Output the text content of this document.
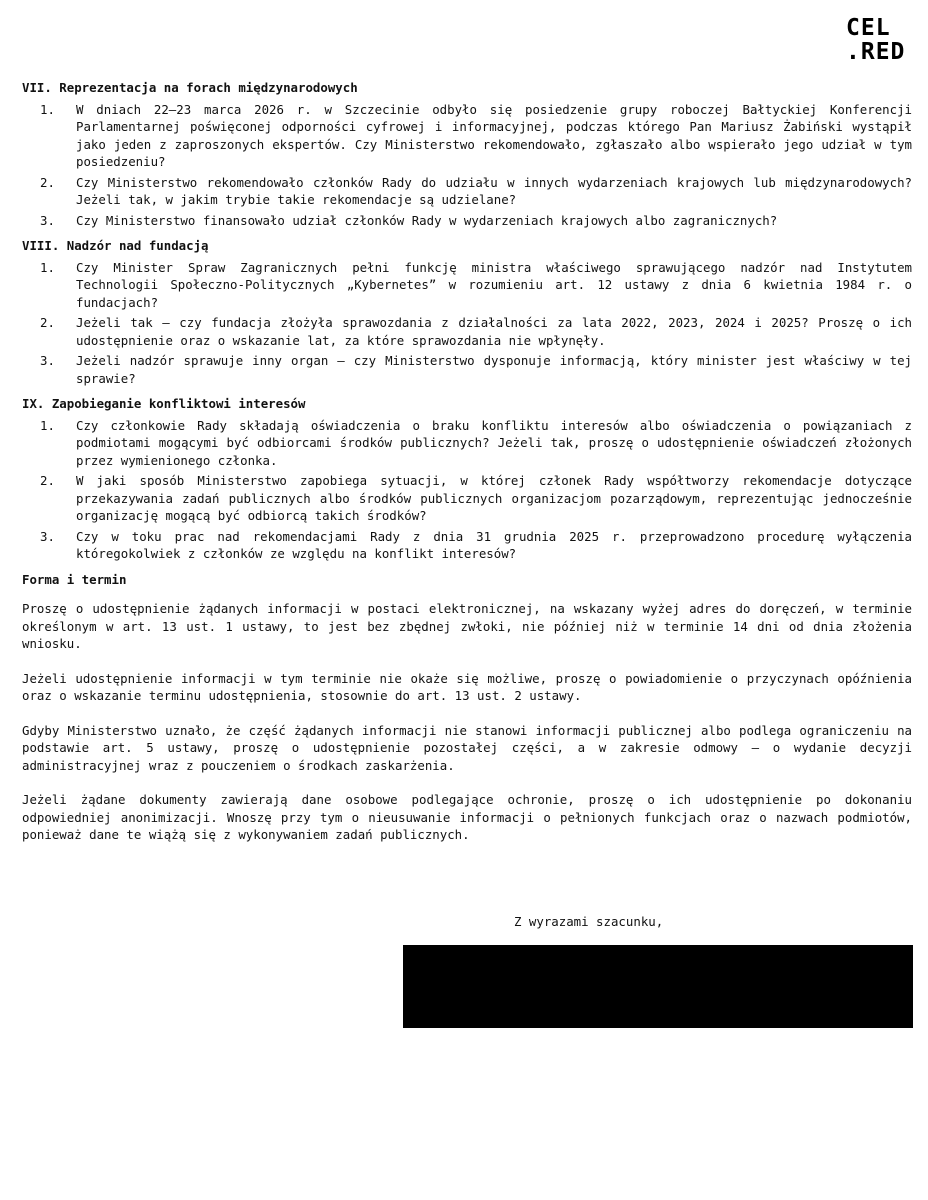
CEL
.RED
VII. Reprezentacja na forach międzynarodowych
1.	W dniach 22–23 marca 2026 r. w Szczecinie odbyło się posiedzenie grupy roboczej Bałtyckiej Konferencji Parlamentarnej poświęconej odporności cyfrowej i informacyjnej, podczas którego Pan Mariusz Żabiński wystąpił jako jeden z zaproszonych ekspertów. Czy Ministerstwo rekomendowało, zgłaszało albo wspierało jego udział w tym posiedzeniu?
2.	Czy Ministerstwo rekomendowało członków Rady do udziału w innych wydarzeniach krajowych lub międzynarodowych? Jeżeli tak, w jakim trybie takie rekomendacje są udzielane?
3.	Czy Ministerstwo finansowało udział członków Rady w wydarzeniach krajowych albo zagranicznych?
VIII. Nadzór nad fundacją
1.	Czy Minister Spraw Zagranicznych pełni funkcję ministra właściwego sprawującego nadzór nad Instytutem Technologii Społeczno-Politycznych „Kybernetes” w rozumieniu art. 12 ustawy z dnia 6 kwietnia 1984 r. o fundacjach?
2.	Jeżeli tak — czy fundacja złożyła sprawozdania z działalności za lata 2022, 2023, 2024 i 2025? Proszę o ich udostępnienie oraz o wskazanie lat, za które sprawozdania nie wpłynęły.
3.	Jeżeli nadzór sprawuje inny organ — czy Ministerstwo dysponuje informacją, który minister jest właściwy w tej sprawie?
IX. Zapobieganie konfliktowi interesów
1.	Czy członkowie Rady składają oświadczenia o braku konfliktu interesów albo oświadczenia o powiązaniach z podmiotami mogącymi być odbiorcami środków publicznych? Jeżeli tak, proszę o udostępnienie oświadczeń złożonych przez wymienionego członka.
2.	W jaki sposób Ministerstwo zapobiega sytuacji, w której członek Rady współtworzy rekomendacje dotyczące przekazywania zadań publicznych albo środków publicznych organizacjom pozarządowym, reprezentując jednocześnie organizację mogącą być odbiorcą takich środków?
3.	Czy w toku prac nad rekomendacjami Rady z dnia 31 grudnia 2025 r. przeprowadzono procedurę wyłączenia któregokolwiek z członków ze względu na konflikt interesów?
Forma i termin

Proszę o udostępnienie żądanych informacji w postaci elektronicznej, na wskazany wyżej adres do doręczeń, w terminie określonym w art. 13 ust. 1 ustawy, to jest bez zbędnej zwłoki, nie później niż w terminie 14 dni od dnia złożenia wniosku.

Jeżeli udostępnienie informacji w tym terminie nie okaże się możliwe, proszę o powiadomienie o przyczynach opóźnienia oraz o wskazanie terminu udostępnienia, stosownie do art. 13 ust. 2 ustawy.

Gdyby Ministerstwo uznało, że część żądanych informacji nie stanowi informacji publicznej albo podlega ograniczeniu na podstawie art. 5 ustawy, proszę o udostępnienie pozostałej części, a w zakresie odmowy — o wydanie decyzji administracyjnej wraz z pouczeniem o środkach zaskarżenia.

Jeżeli żądane dokumenty zawierają dane osobowe podlegające ochronie, proszę o ich udostępnienie po dokonaniu odpowiedniej anonimizacji. Wnoszę przy tym o nieusuwanie informacji o pełnionych funkcjach oraz o nazwach podmiotów, ponieważ dane te wiążą się z wykonywaniem zadań publicznych.

Z wyrazami szacunku,
